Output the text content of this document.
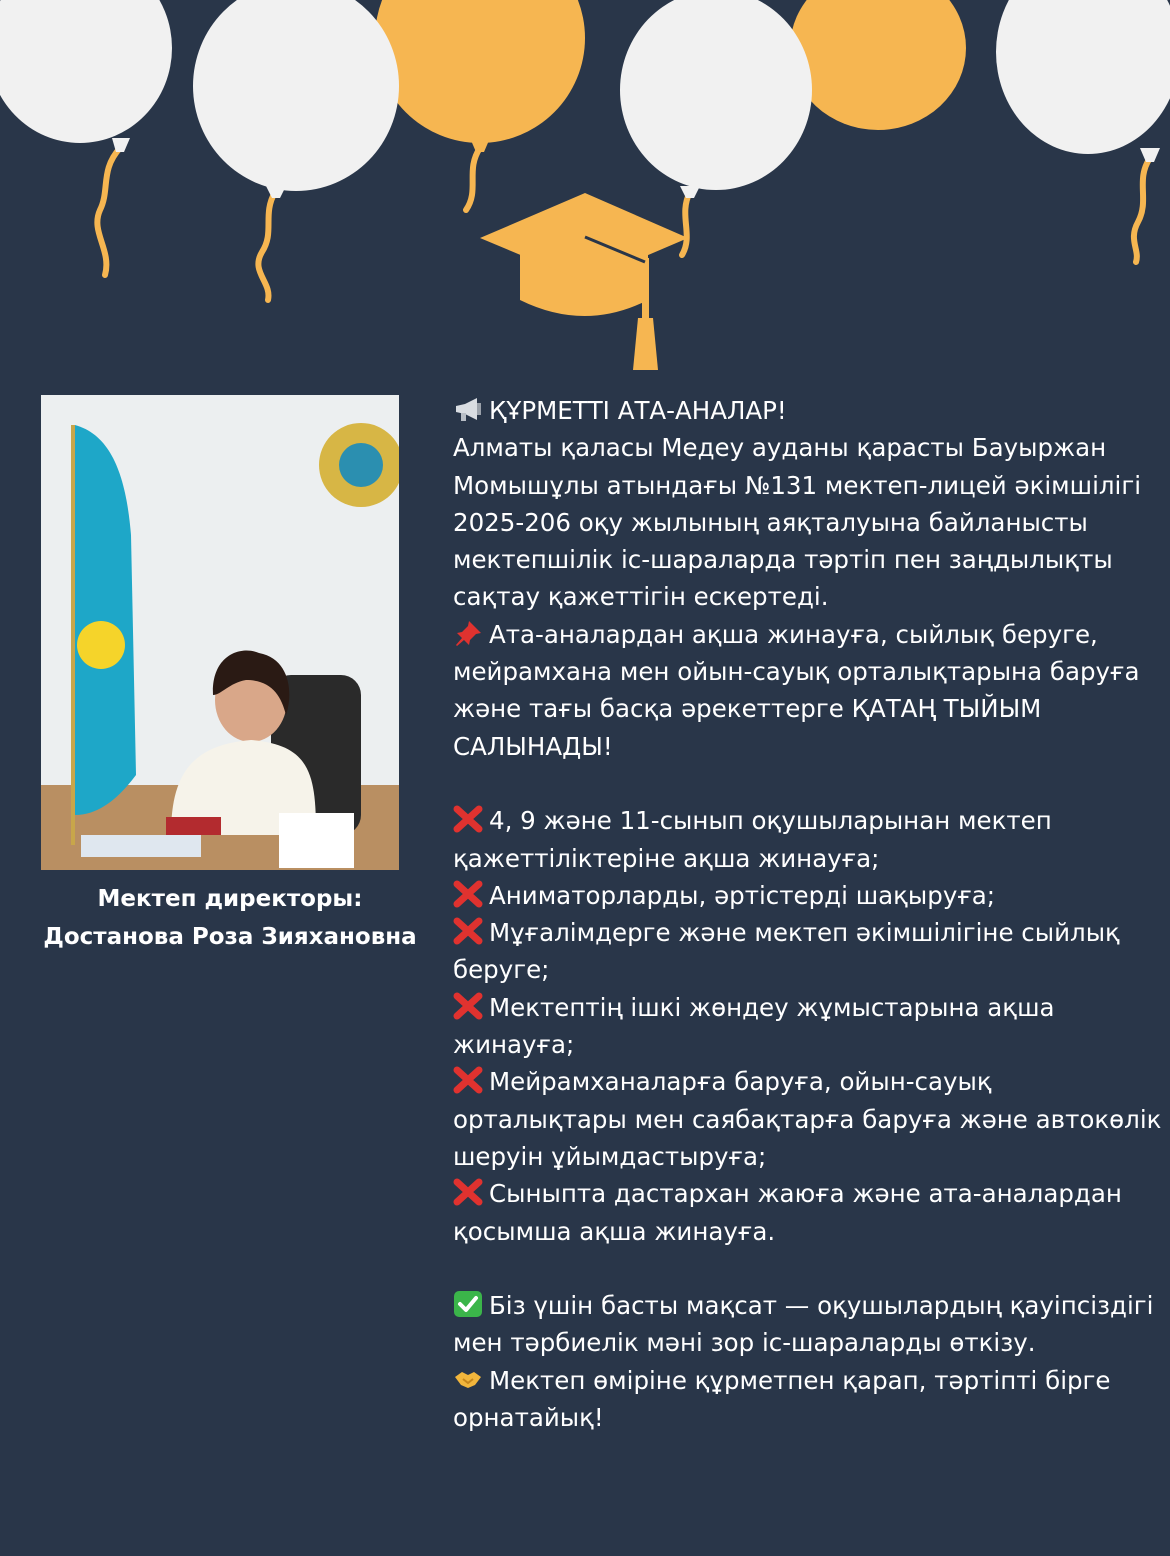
Мектеп директоры:
Достанова Роза Зияхановна

ҚҰРМЕТТІ АТА-АНАЛАР!

Алматы қаласы Медеу ауданы қарасты Бауыржан Момышұлы атындағы №131 мектеп-лицей әкімшілігі 2025-206 оқу жылының аяқталуына байланысты мектепшілік іс-шараларда тәртіп пен заңдылықты сақтау қажеттігін ескертеді.

Ата-аналардан ақша жинауға, сыйлық беруге, мейрамхана мен ойын-сауық орталықтарына баруға және тағы басқа әрекеттерге ҚАТАҢ ТЫЙЫМ САЛЫНАДЫ!

4, 9 және 11-сынып оқушыларынан мектеп қажеттіліктеріне ақша жинауға;

Аниматорларды, әртістерді шақыруға;

Мұғалімдерге және мектеп әкімшілігіне сыйлық беруге;

Мектептің ішкі жөндеу жұмыстарына ақша жинауға;

Мейрамханаларға баруға, ойын-сауық орталықтары мен саябақтарға баруға және автокөлік шеруін ұйымдастыруға;

Сыныпта дастархан жаюға және ата-аналардан қосымша ақша жинауға.

Біз үшін басты мақсат — оқушылардың қауіпсіздігі мен тәрбиелік мәні зор іс-шараларды өткізу.

Мектеп өміріне құрметпен қарап, тәртіпті бірге орнатайық!
